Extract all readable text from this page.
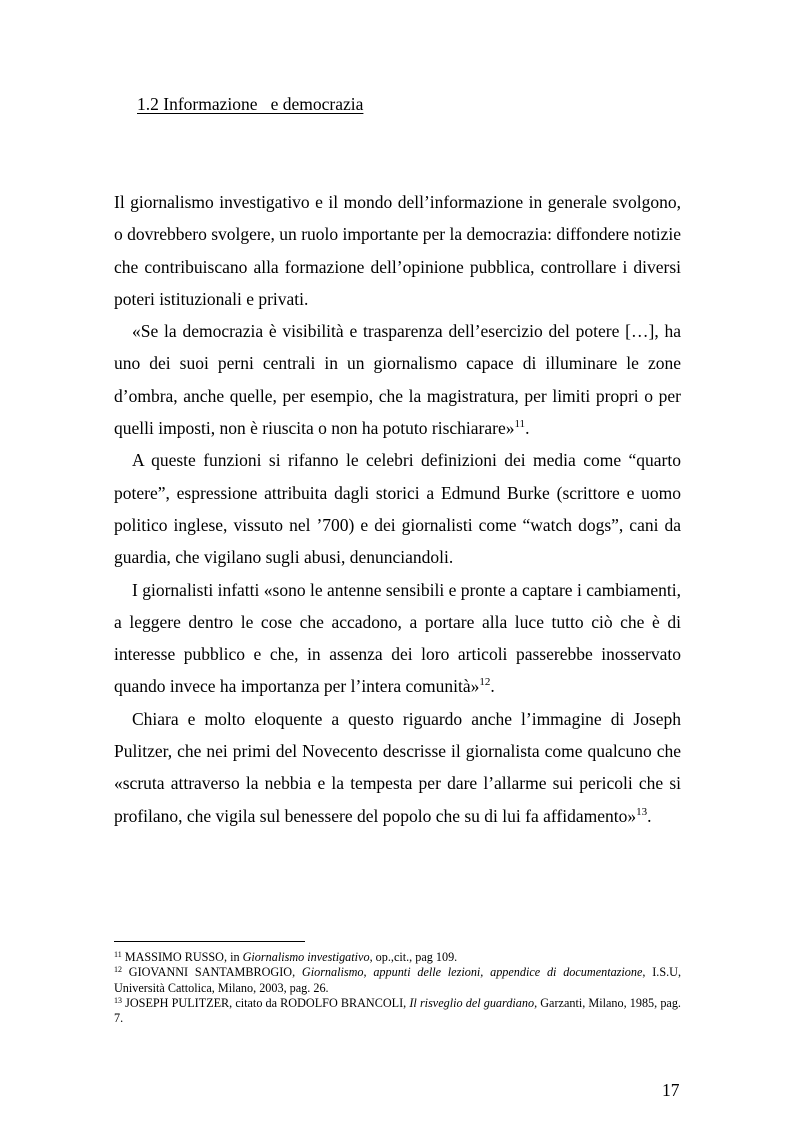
1.2 Informazione   e democrazia

Il giornalismo investigativo e il mondo dell’informazione in generale svolgono, o dovrebbero svolgere, un ruolo importante per la democrazia: diffondere notizie che contribuiscano alla formazione dell’opinione pubblica, controllare i diversi poteri istituzionali e privati.

«Se la democrazia è visibilità e trasparenza dell’esercizio del potere […], ha uno dei suoi perni centrali in un giornalismo capace di illuminare le zone d’ombra, anche quelle, per esempio, che la magistratura, per limiti propri o per quelli imposti, non è riuscita o non ha potuto rischiarare»$^{11}$.

A queste funzioni si rifanno le celebri definizioni dei media come “quarto potere”, espressione attribuita dagli storici a Edmund Burke (scrittore e uomo politico inglese, vissuto nel ’700) e dei giornalisti come “watch dogs”, cani da guardia, che vigilano sugli abusi, denunciandoli.

I giornalisti infatti «sono le antenne sensibili e pronte a captare i cambiamenti, a leggere dentro le cose che accadono, a portare alla luce tutto ciò che è di interesse pubblico e che, in assenza dei loro articoli passerebbe inosservato quando invece ha importanza per l’intera comunità»$^{12}$.

Chiara e molto eloquente a questo riguardo anche l’immagine di Joseph Pulitzer, che nei primi del Novecento descrisse il giornalista come qualcuno che «scruta attraverso la nebbia e la tempesta per dare l’allarme sui pericoli che si profilano, che vigila sul benessere del popolo che su di lui fa affidamento»$^{13}$.

$^{11}$ MASSIMO RUSSO, in Giornalismo investigativo, op.,cit., pag 109.

$^{12}$ GIOVANNI SANTAMBROGIO, Giornalismo, appunti delle lezioni, appendice di documentazione, I.S.U, Università Cattolica, Milano, 2003, pag. 26.

$^{13}$ JOSEPH PULITZER, citato da RODOLFO BRANCOLI, Il risveglio del guardiano, Garzanti, Milano, 1985, pag. 7.

17
